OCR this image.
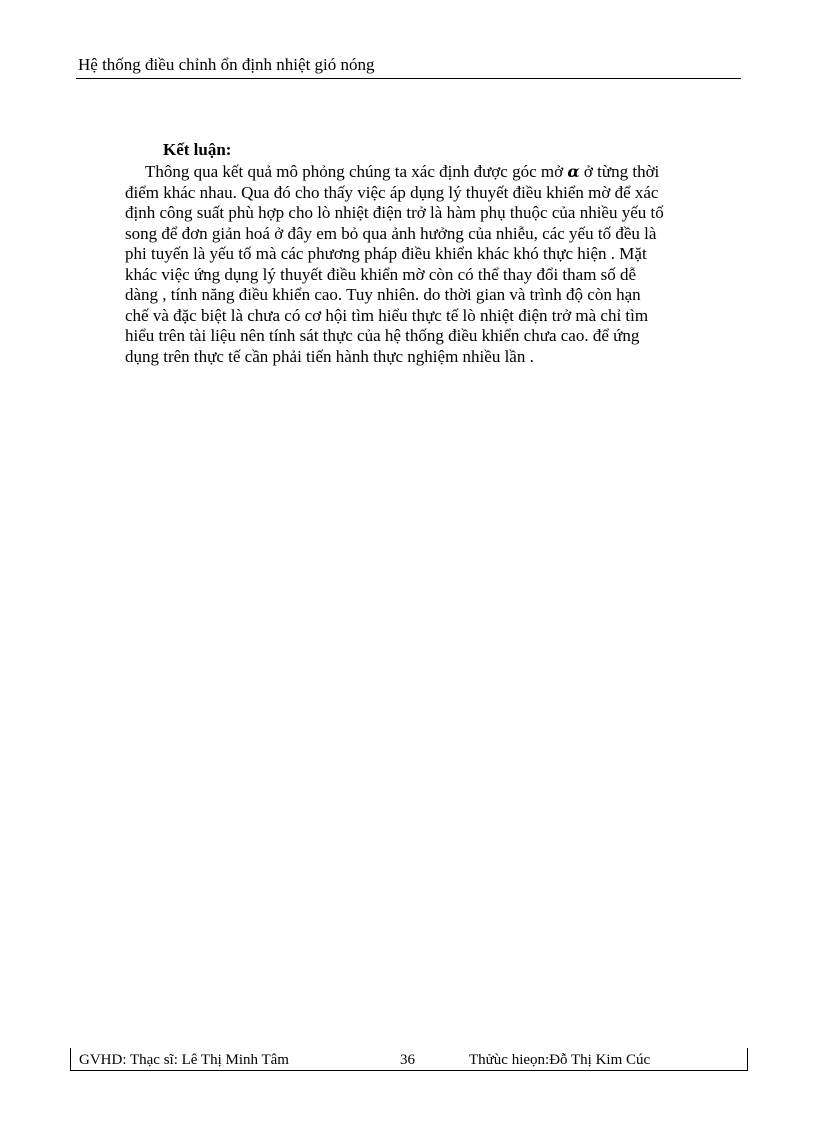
Hệ thống điều chỉnh ổn định nhiệt gió nóng
Kết luận:
Thông qua kết quả mô phỏng chúng ta xác định được góc mở α ở từng thời
điểm khác nhau. Qua đó cho thấy việc áp dụng lý thuyết điều khiển mờ để xác
định công suất phù hợp cho lò nhiệt điện trở là hàm phụ thuộc của nhiều yếu tố
song để đơn giản hoá ở đây em bỏ qua ảnh hưởng của nhiễu, các yếu tố đều là
phi tuyến là yếu tố mà các phương pháp điều khiển khác khó thực hiện . Mặt
khác việc ứng dụng lý thuyết điều khiển mờ còn có thể thay đổi tham số dễ
dàng , tính năng điều khiển cao. Tuy nhiên. do thời gian và trình độ còn hạn
chế và đặc biệt là chưa có cơ hội tìm hiểu thực tế lò nhiệt điện trở mà chỉ tìm
hiểu trên tài liệu nên tính sát thực của hệ thống điều khiển chưa cao. để ứng
dụng trên thực tế cần phải tiến hành thực nghiệm nhiều lần .
GVHD: Thạc sĩ: Lê Thị Minh Tâm	36	Thửùc hieọn:Đỗ Thị Kim Cúc
